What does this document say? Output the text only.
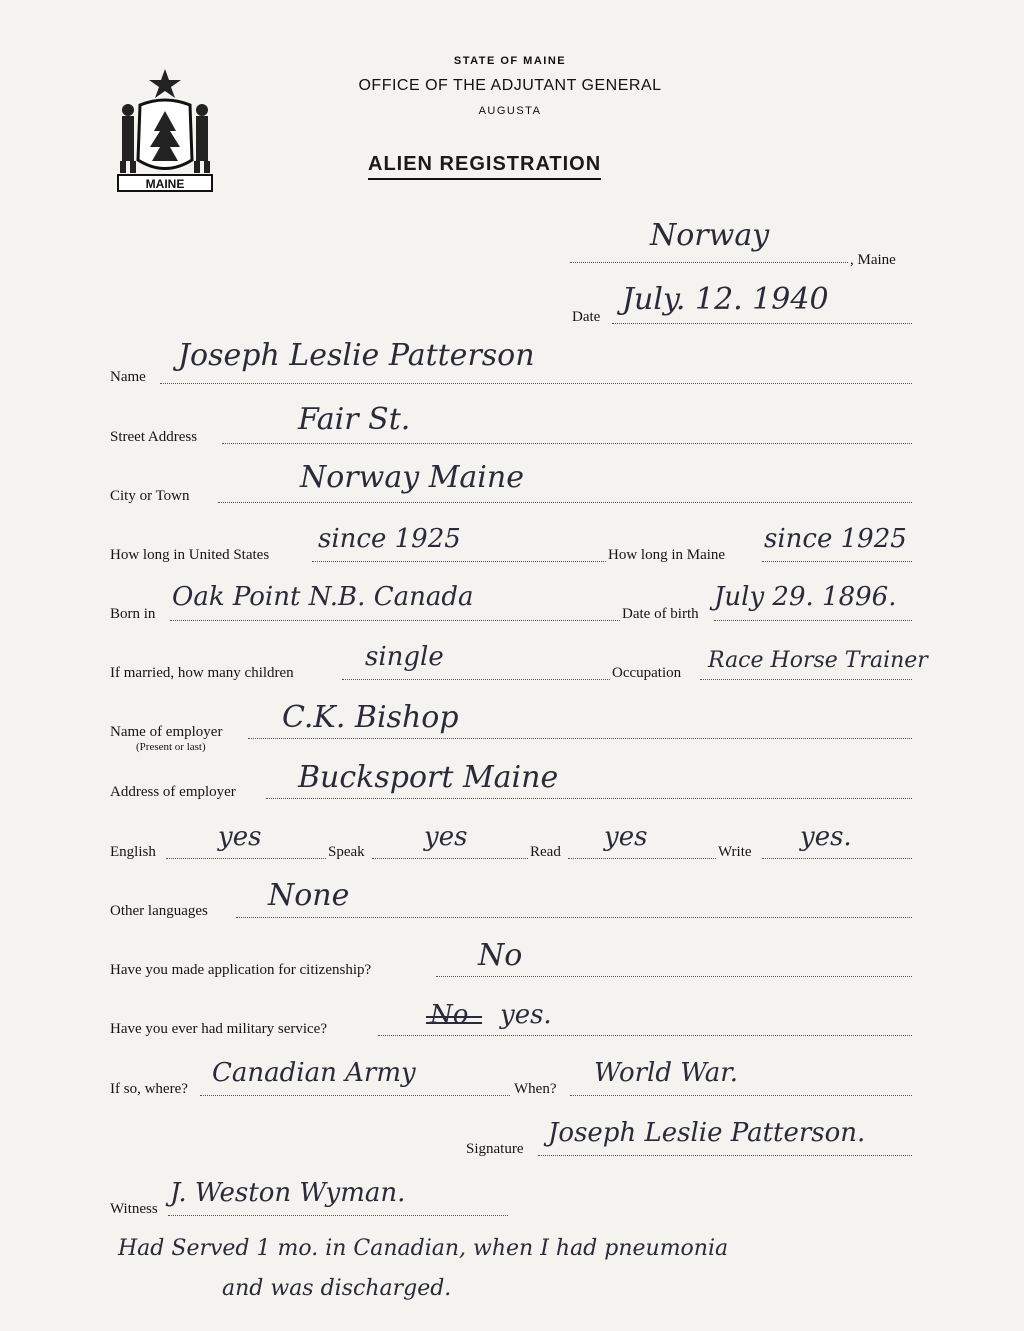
MAINE
STATE OF MAINE
OFFICE OF THE ADJUTANT GENERAL
AUGUSTA
ALIEN REGISTRATION
Norway
, Maine
Date July. 12. 1940
Name
Joseph Leslie Patterson
Street Address	Fair St.
City or Town
Norway Maine
How long in United States
since 1925
How long in Maine
since 1925
Born in
Oak Point N.B. Canada
Date of birth
July 29. 1896.
If married, how many children
single
Occupation Race Horse Trainer
Name of employer
(Present or last)
C.K. Bishop
Address of employer Bucksport Maine
English yes	Speak yes	Read yes	Write yes.
Other languages None
Have you made application for citizenship?	No
Have you ever had military service?	No yes.
If so, where?
Canadian Army
When?
World War.
Signature
Joseph Leslie Patterson.
Witness
J. Weston Wyman.
Had Served 1 mo. in Canadian, when I had pneumonia
and was discharged.
